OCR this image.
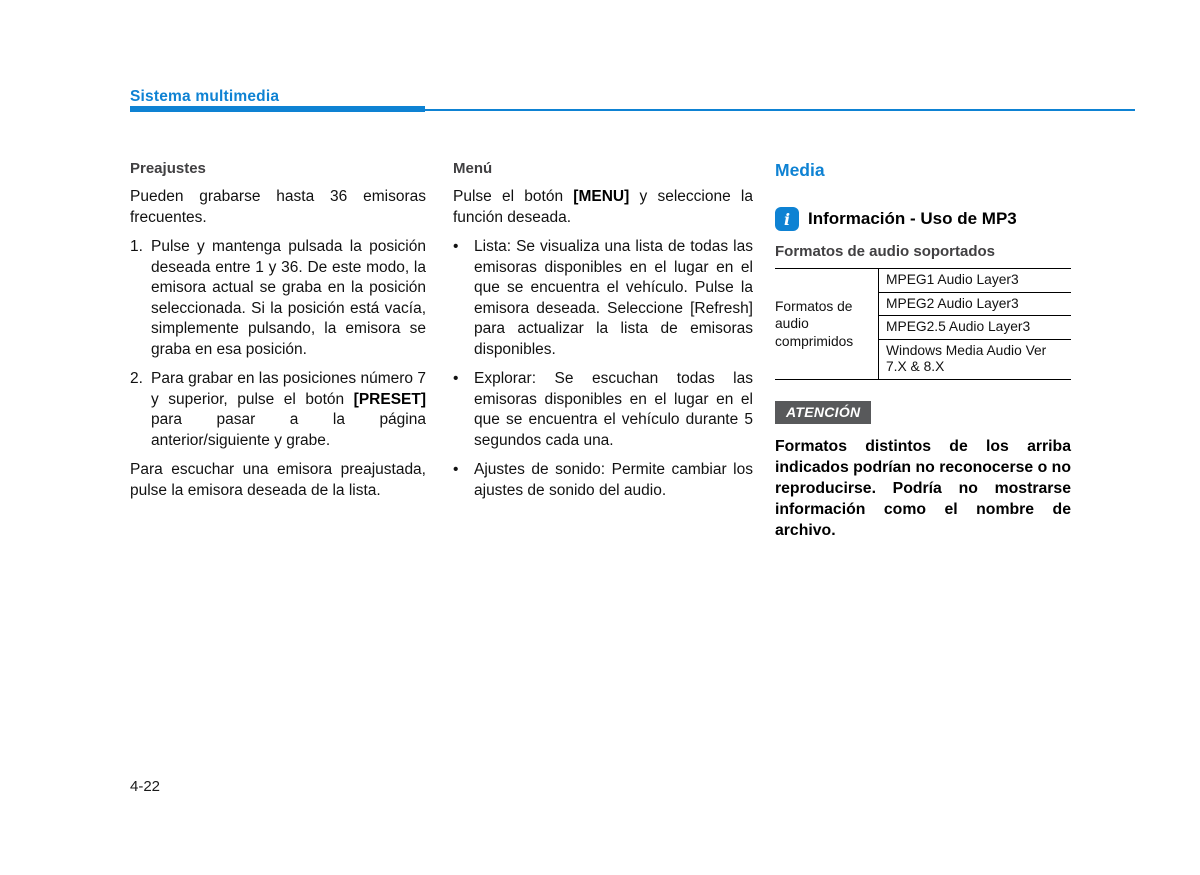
Sistema multimedia

Preajustes

Pueden grabarse hasta 36 emisoras frecuentes.

1. Pulse y mantenga pulsada la posición deseada entre 1 y 36. De este modo, la emisora actual se graba en la posición seleccionada. Si la posición está vacía, simplemente pulsando, la emisora se graba en esa posición.

2. Para grabar en las posiciones número 7 y superior, pulse el botón [PRESET] para pasar a la página anterior/siguiente y grabe.

Para escuchar una emisora preajustada, pulse la emisora deseada de la lista.

Menú

Pulse el botón [MENU] y seleccione la función deseada.

• Lista: Se visualiza una lista de todas las emisoras disponibles en el lugar en el que se encuentra el vehículo. Pulse la emisora deseada. Seleccione [Refresh] para actualizar la lista de emisoras disponibles.

• Explorar: Se escuchan todas las emisoras disponibles en el lugar en el que se encuentra el vehículo durante 5 segundos cada una.

• Ajustes de sonido: Permite cambiar los ajustes de sonido del audio.

Media

i	Información - Uso de MP3

Formatos de audio soportados

Formatos de audio comprimidos
MPEG1 Audio Layer3
MPEG2 Audio Layer3
MPEG2.5 Audio Layer3
Windows Media Audio Ver 7.X & 8.X
ATENCIÓN

Formatos distintos de los arriba indicados podrían no reconocerse o no reproducirse. Podría no mostrarse información como el nombre de archivo.

4-22
